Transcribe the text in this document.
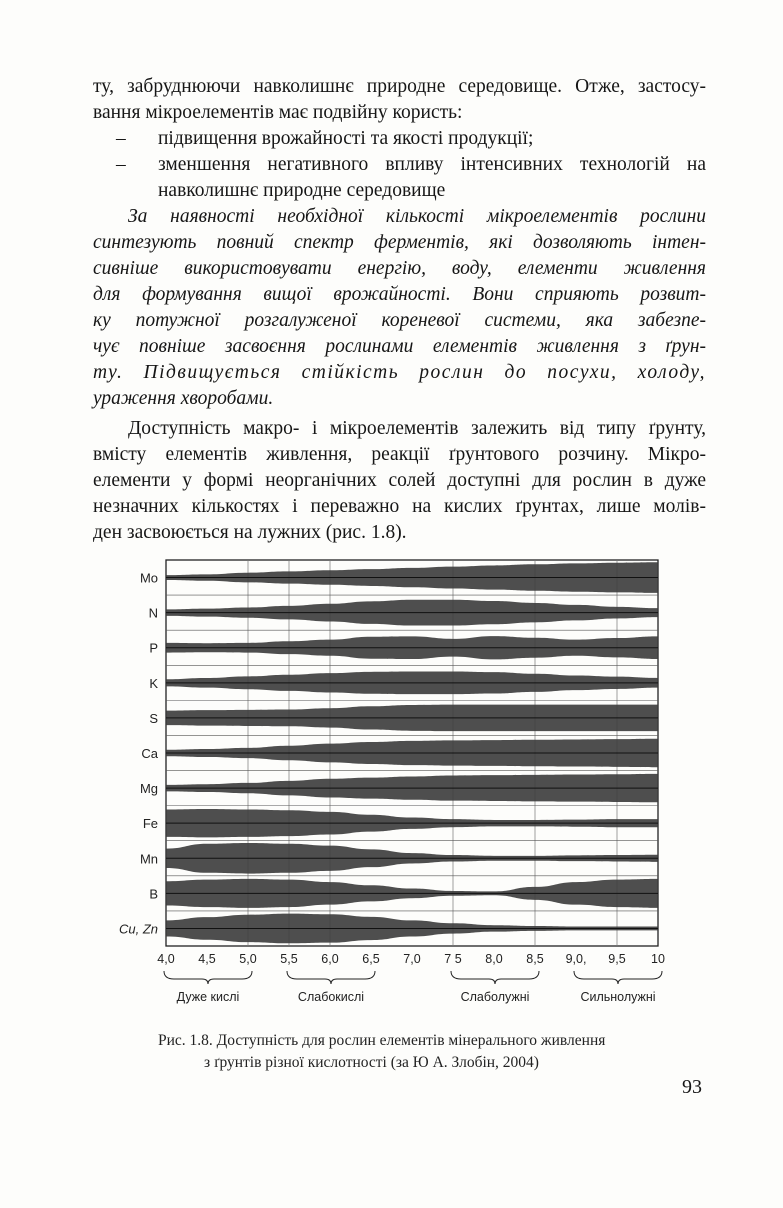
ту, забруднюючи навколишнє природне середовище. Отже, застосу-
вання мікроелементів має подвійну користь:
– підвищення врожайності та якості продукції;
– зменшення негативного впливу інтенсивних технологій на
навколишнє природне середовище
За наявності необхідної кількості мікроелементів рослини
синтезують повний спектр ферментів, які дозволяють інтен-
сивніше використовувати енергію, воду, елементи живлення
для формування вищої врожайності. Вони сприяють розвит-
ку потужної розгалуженої кореневої системи, яка забезпе-
чує повніше засвоєння рослинами елементів живлення з ґрун-
ту. Підвищується стійкість рослин до посухи, холоду,
ураження хворобами.
Доступність макро- і мікроелементів залежить від типу ґрунту,
вмісту елементів живлення, реакції ґрунтового розчину. Мікро-
елементи у формі неорганічних солей доступні для рослин в дуже
незначних кількостях і переважно на кислих ґрунтах, лише молів-
ден засвоюється на лужних (рис. 1.8).
Mo
N
P
K
S
Ca
Mg
Fe
Mn
B
Cu, Zn
4,0 4,5 5,0 5,5 6,0 6,5 7,0 7 5 8,0 8,5 9,0, 9,5 10
Дуже кислі	Слабокислі	Слаболужні	Сильнолужні
Рис. 1.8. Доступність для рослин елементів мінерального живлення
з ґрунтів різної кислотності (за Ю А. Злобін, 2004)
93
